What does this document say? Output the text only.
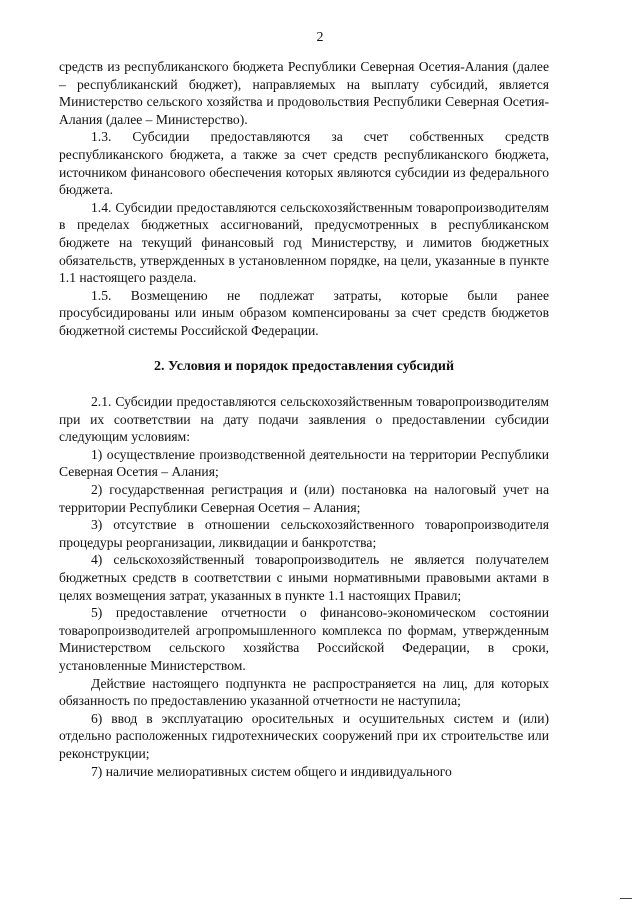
2

средств из республиканского бюджета Республики Северная Осетия-Алания (далее – республиканский бюджет), направляемых на выплату субсидий, является Министерство сельского хозяйства и продовольствия Республики Северная Осетия-Алания (далее – Министерство).

1.3. Субсидии предоставляются за счет собственных средств республиканского бюджета, а также за счет средств республиканского бюджета, источником финансового обеспечения которых являются субсидии из федерального бюджета.

1.4. Субсидии предоставляются сельскохозяйственным товаропроизводителям в пределах бюджетных ассигнований, предусмотренных в республиканском бюджете на текущий финансовый год Министерству, и лимитов бюджетных обязательств, утвержденных в установленном порядке, на цели, указанные в пункте 1.1 настоящего раздела.

1.5. Возмещению не подлежат затраты, которые были ранее просубсидированы или иным образом компенсированы за счет средств бюджетов бюджетной системы Российской Федерации.

2. Условия и порядок предоставления субсидий

2.1. Субсидии предоставляются сельскохозяйственным товаропроизводителям при их соответствии на дату подачи заявления о предоставлении субсидии следующим условиям:

1) осуществление производственной деятельности на территории Республики Северная Осетия – Алания;

2) государственная регистрация и (или) постановка на налоговый учет на территории Республики Северная Осетия – Алания;

3) отсутствие в отношении сельскохозяйственного товаропроизводителя процедуры реорганизации, ликвидации и банкротства;

4) сельскохозяйственный товаропроизводитель не является получателем бюджетных средств в соответствии с иными нормативными правовыми актами в целях возмещения затрат, указанных в пункте 1.1 настоящих Правил;

5) предоставление отчетности о финансово-экономическом состоянии товаропроизводителей агропромышленного комплекса по формам, утвержденным Министерством сельского хозяйства Российской Федерации, в сроки, установленные Министерством.

Действие настоящего подпункта не распространяется на лиц, для которых обязанность по предоставлению указанной отчетности не наступила;

6) ввод в эксплуатацию оросительных и осушительных систем и (или) отдельно расположенных гидротехнических сооружений при их строительстве или реконструкции;

7) наличие мелиоративных систем общего и индивидуального
